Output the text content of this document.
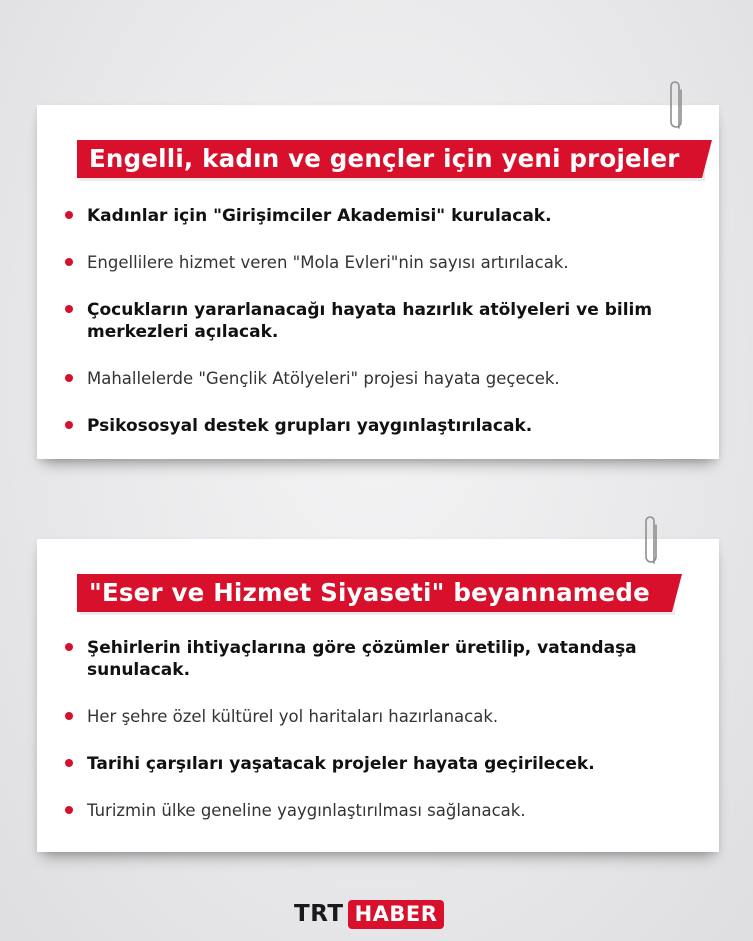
Engelli, kadın ve gençler için yeni projeler
Kadınlar için "Girişimciler Akademisi" kurulacak.
Engellilere hizmet veren "Mola Evleri"nin sayısı artırılacak.
Çocukların yararlanacağı hayata hazırlık atölyeleri ve bilim merkezleri açılacak.
Mahallelerde "Gençlik Atölyeleri" projesi hayata geçecek.
Psikososyal destek grupları yaygınlaştırılacak.
"Eser ve Hizmet Siyaseti" beyannamede
Şehirlerin ihtiyaçlarına göre çözümler üretilip, vatandaşa sunulacak.
Her şehre özel kültürel yol haritaları hazırlanacak.
Tarihi çarşıları yaşatacak projeler hayata geçirilecek.
Turizmin ülke geneline yaygınlaştırılması sağlanacak.
TRT HABER
